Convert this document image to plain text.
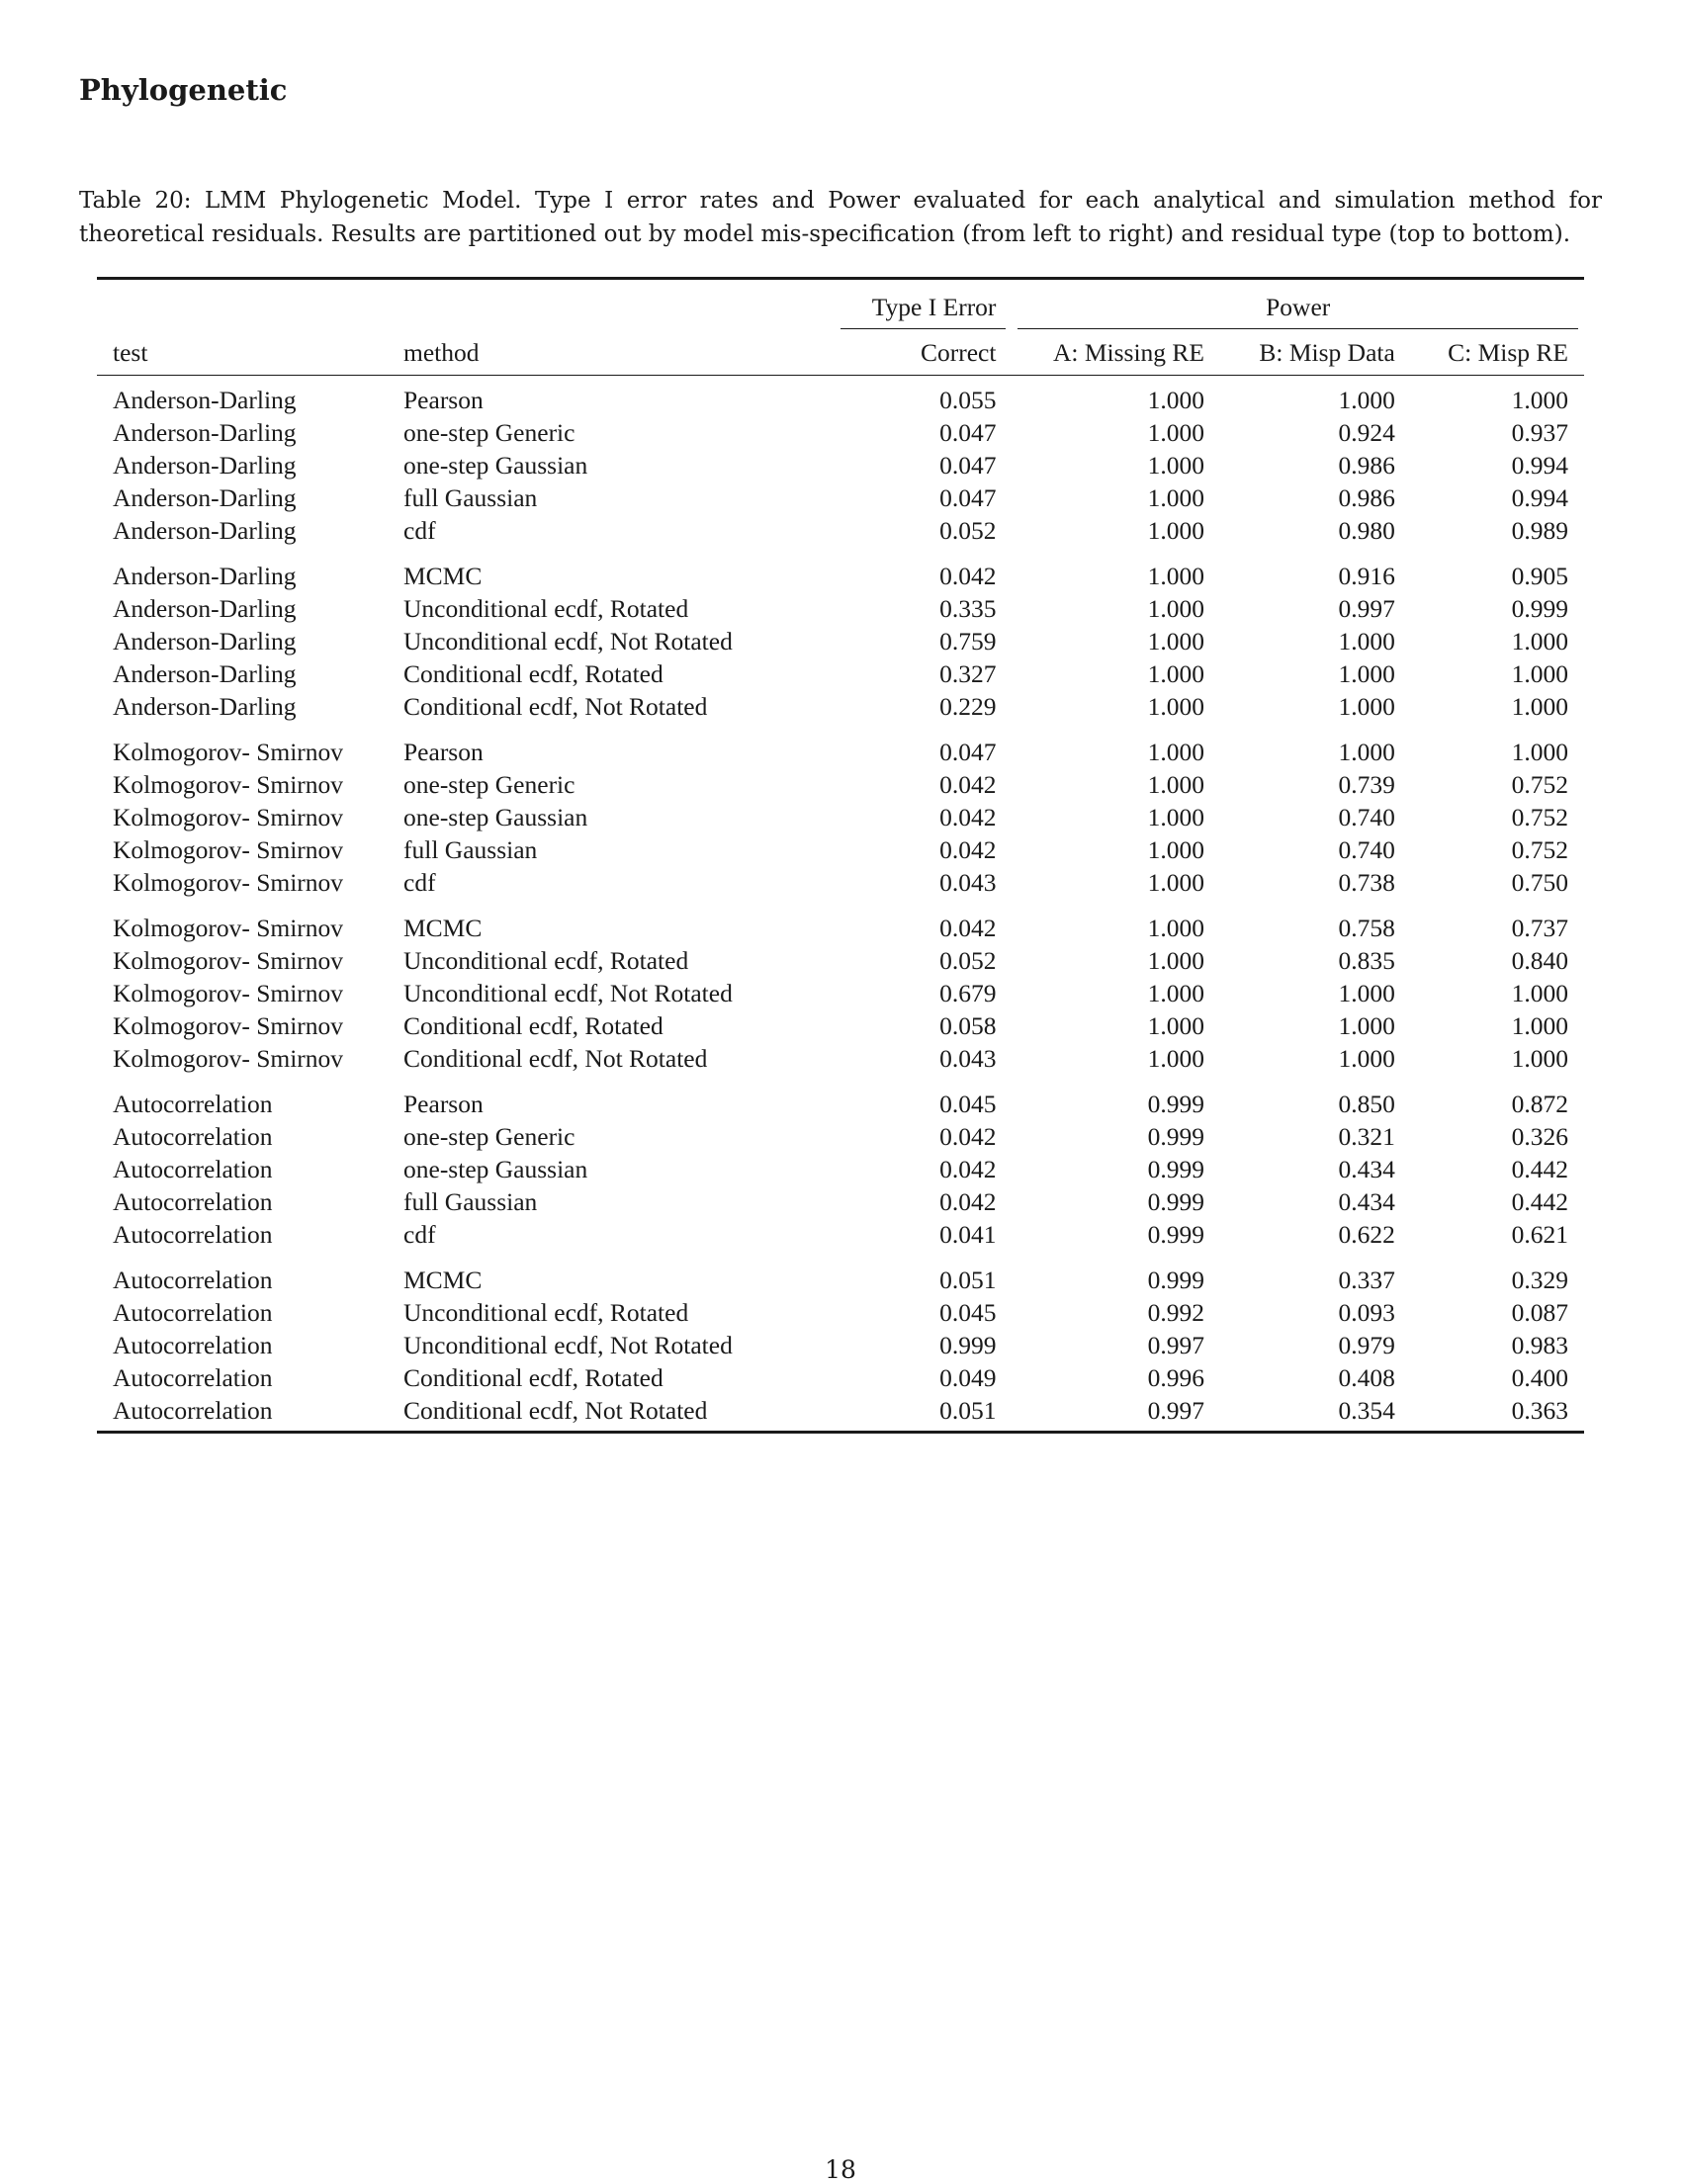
Phylogenetic

Table 20: LMM Phylogenetic Model. Type I error rates and Power evaluated for each analytical and simulation method for theoretical residuals. Results are partitioned out by model mis-specification (from left to right) and residual type (top to bottom).

		Type I Error	Power		

test	method	Correct	A: Missing RE	B: Misp Data	C: Misp RE
Anderson-Darling	Pearson	0.055	1.000	1.000	1.000
Anderson-Darling	one-step Generic	0.047	1.000	0.924	0.937
Anderson-Darling	one-step Gaussian	0.047	1.000	0.986	0.994
Anderson-Darling	full Gaussian	0.047	1.000	0.986	0.994
Anderson-Darling	cdf	0.052	1.000	0.980	0.989

Anderson-Darling	MCMC	0.042	1.000	0.916	0.905
Anderson-Darling	Unconditional ecdf, Rotated	0.335	1.000	0.997	0.999
Anderson-Darling	Unconditional ecdf, Not Rotated	0.759	1.000	1.000	1.000
Anderson-Darling	Conditional ecdf, Rotated	0.327	1.000	1.000	1.000
Anderson-Darling	Conditional ecdf, Not Rotated	0.229	1.000	1.000	1.000

Kolmogorov- Smirnov	Pearson	0.047	1.000	1.000	1.000
Kolmogorov- Smirnov	one-step Generic	0.042	1.000	0.739	0.752
Kolmogorov- Smirnov	one-step Gaussian	0.042	1.000	0.740	0.752
Kolmogorov- Smirnov	full Gaussian	0.042	1.000	0.740	0.752
Kolmogorov- Smirnov	cdf	0.043	1.000	0.738	0.750

Kolmogorov- Smirnov	MCMC	0.042	1.000	0.758	0.737
Kolmogorov- Smirnov	Unconditional ecdf, Rotated	0.052	1.000	0.835	0.840
Kolmogorov- Smirnov	Unconditional ecdf, Not Rotated	0.679	1.000	1.000	1.000
Kolmogorov- Smirnov	Conditional ecdf, Rotated	0.058	1.000	1.000	1.000
Kolmogorov- Smirnov	Conditional ecdf, Not Rotated	0.043	1.000	1.000	1.000

Autocorrelation	Pearson	0.045	0.999	0.850	0.872
Autocorrelation	one-step Generic	0.042	0.999	0.321	0.326
Autocorrelation	one-step Gaussian	0.042	0.999	0.434	0.442
Autocorrelation	full Gaussian	0.042	0.999	0.434	0.442
Autocorrelation	cdf	0.041	0.999	0.622	0.621

Autocorrelation	MCMC	0.051	0.999	0.337	0.329
Autocorrelation	Unconditional ecdf, Rotated	0.045	0.992	0.093	0.087
Autocorrelation	Unconditional ecdf, Not Rotated	0.999	0.997	0.979	0.983
Autocorrelation	Conditional ecdf, Rotated	0.049	0.996	0.408	0.400
Autocorrelation	Conditional ecdf, Not Rotated	0.051	0.997	0.354	0.363
18
